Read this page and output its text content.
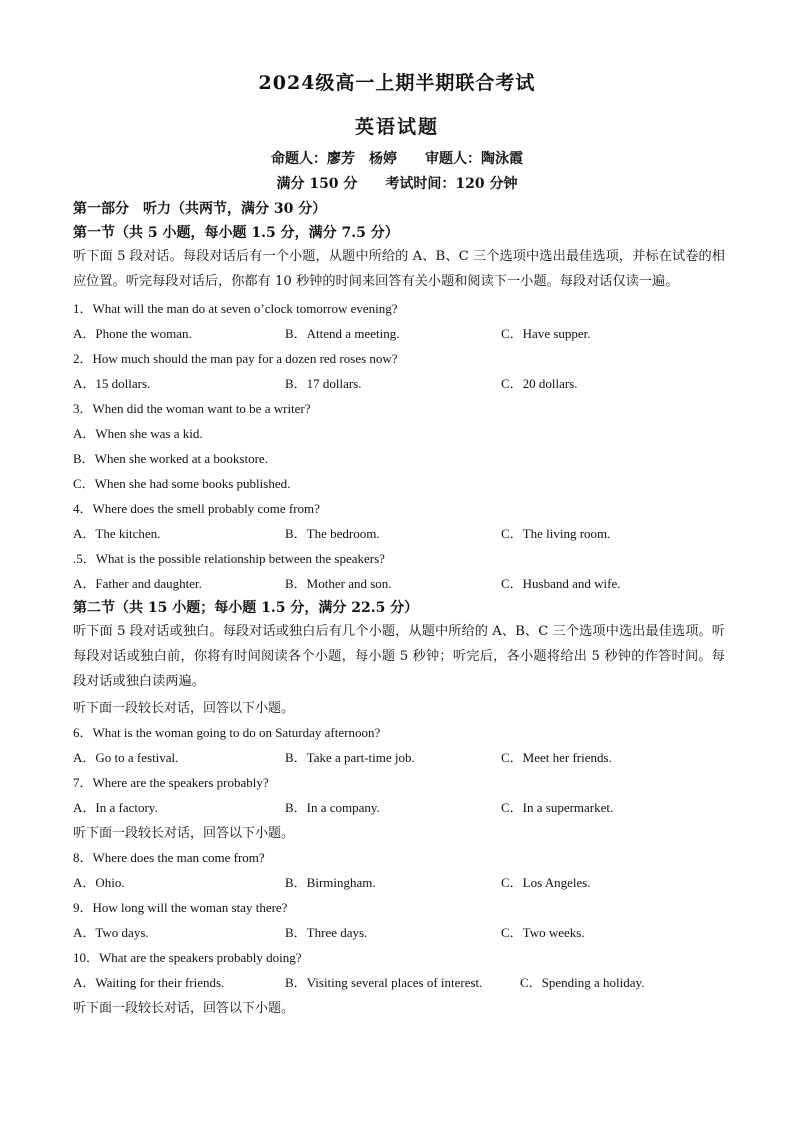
2024级高一上期半期联合考试
英语试题
命题人：廖芳　杨婷　　审题人：陶泳霞
满分 150 分　　考试时间：120 分钟
第一部分　听力（共两节，满分 30 分）
第一节（共 5 小题，每小题 1.5 分，满分 7.5 分）
听下面 5 段对话。每段对话后有一个小题，从题中所给的 A、B、C 三个选项中选出最佳选项，并标在试卷的相应位置。听完每段对话后，你都有 10 秒钟的时间来回答有关小题和阅读下一小题。每段对话仅读一遍。
1．What will the man do at seven o’clock tomorrow evening?
A．Phone the woman.	B．Attend a meeting.	C．Have supper.
2．How much should the man pay for a dozen red roses now?
A．15 dollars.	B．17 dollars.	C．20 dollars.
3．When did the woman want to be a writer?
A．When she was a kid.
B．When she worked at a bookstore.
C．When she had some books published.
4．Where does the smell probably come from?
A．The kitchen.	B．The bedroom.	C．The living room.
.5．What is the possible relationship between the speakers?
A．Father and daughter.	B．Mother and son.	C．Husband and wife.
第二节（共 15 小题；每小题 1.5 分，满分 22.5 分）
听下面 5 段对话或独白。每段对话或独白后有几个小题，从题中所给的 A、B、C 三个选项中选出最佳选项。听每段对话或独白前，你将有时间阅读各个小题，每小题 5 秒钟；听完后，各小题将给出 5 秒钟的作答时间。每段对话或独白读两遍。
听下面一段较长对话，回答以下小题。
6．What is the woman going to do on Saturday afternoon?
A．Go to a festival.	B．Take a part-time job.	C．Meet her friends.
7．Where are the speakers probably?
A．In a factory.	B．In a company.	C．In a supermarket.
听下面一段较长对话，回答以下小题。
8．Where does the man come from?
A．Ohio.	B．Birmingham.	C．Los Angeles.
9．How long will the woman stay there?
A．Two days.	B．Three days.	C．Two weeks.
10．What are the speakers probably doing?
A．Waiting for their friends.	B．Visiting several places of interest.	C．Spending a holiday.
听下面一段较长对话，回答以下小题。
